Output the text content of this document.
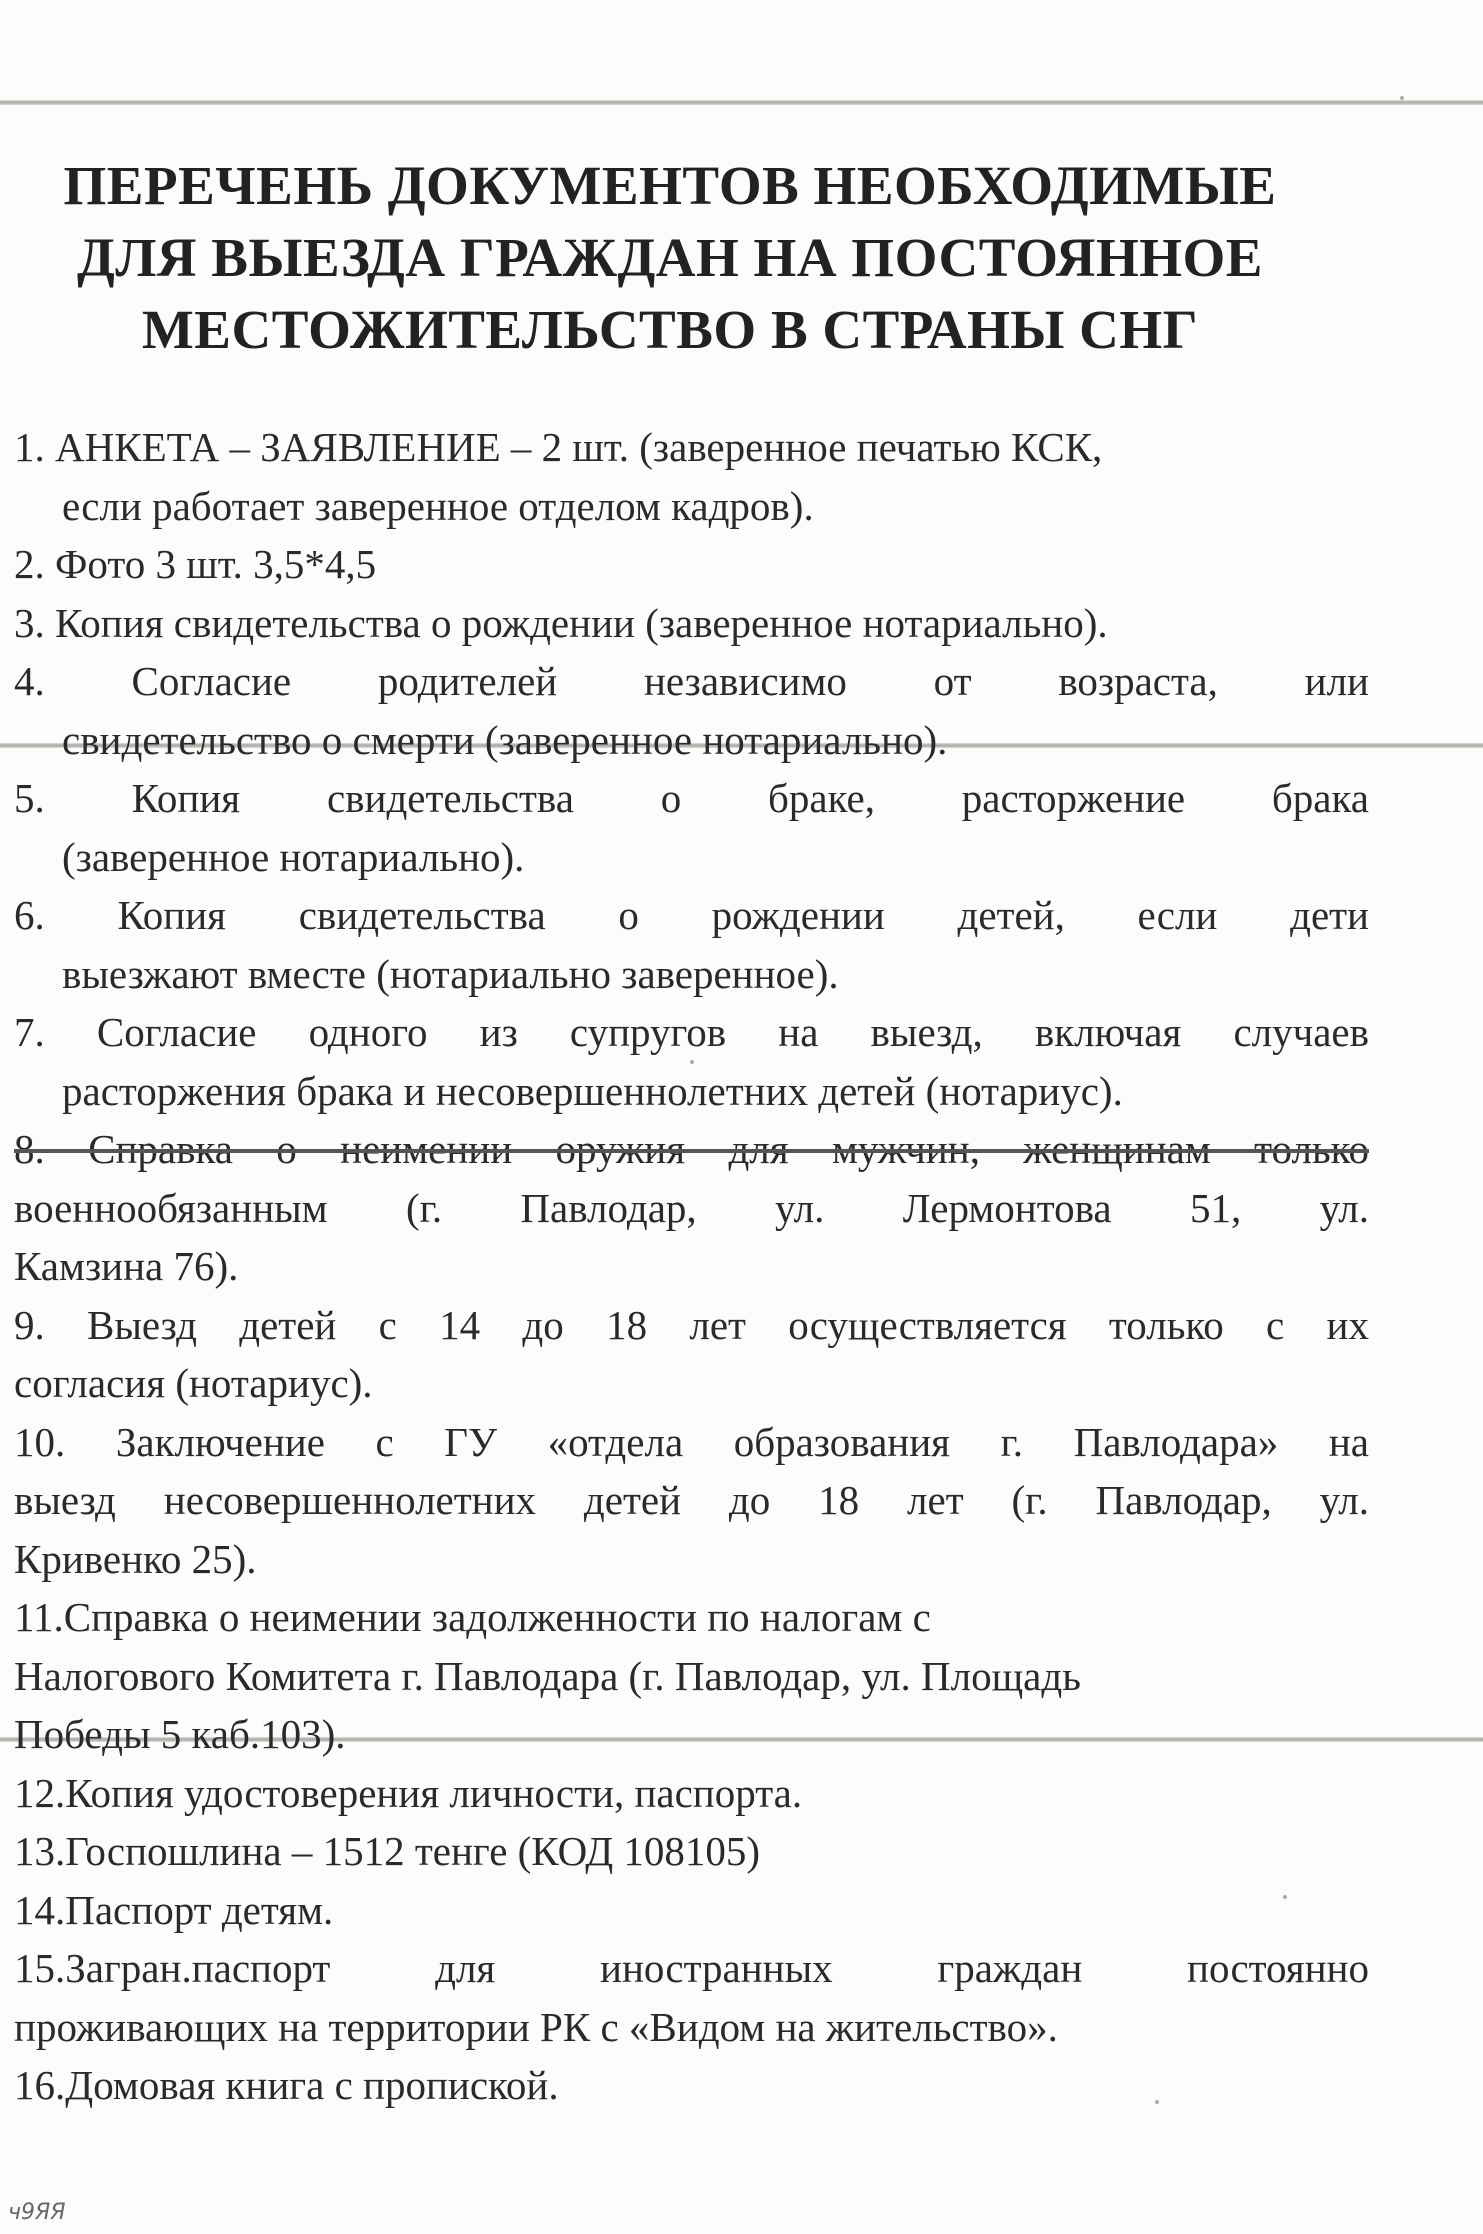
ПЕРЕЧЕНЬ ДОКУМЕНТОВ НЕОБХОДИМЫЕ
ДЛЯ ВЫЕЗДА ГРАЖДАН НА ПОСТОЯННОЕ
МЕСТОЖИТЕЛЬСТВО В СТРАНЫ СНГ
1. АНКЕТА – ЗАЯВЛЕНИЕ – 2 шт. (заверенное печатью КСК,
если работает заверенное отделом кадров).
2. Фото 3 шт. 3,5*4,5
3. Копия свидетельства о рождении (заверенное нотариально).
4. Согласие родителей независимо от возраста, или
свидетельство о смерти (заверенное нотариально).
5. Копия свидетельства о браке, расторжение брака
(заверенное нотариально).
6. Копия свидетельства о рождении детей, если дети
выезжают вместе (нотариально заверенное).
7. Согласие одного из супругов на выезд, включая случаев
расторжения брака и несовершеннолетних детей (нотариус).
8. Справка о неимении оружия для мужчин, женщинам только
военнообязанным (г. Павлодар, ул. Лермонтова 51, ул.
Камзина 76).
9. Выезд детей с 14 до 18 лет осуществляется только с их
согласия (нотариус).
10. Заключение с ГУ «отдела образования г. Павлодара» на
выезд несовершеннолетних детей до 18 лет (г. Павлодар, ул.
Кривенко 25).
11.Справка о неимении задолженности по налогам с
Налогового Комитета г. Павлодара (г. Павлодар, ул. Площадь
Победы 5 каб.103).
12.Копия удостоверения личности, паспорта.
13.Госпошлина – 1512 тенге (КОД 108105)
14.Паспорт детям.
15.Загран.паспорт для иностранных граждан постоянно
проживающих на территории РК с «Видом на жительство».
16.Домовая книга с пропиской.
ч9ЯЯ
